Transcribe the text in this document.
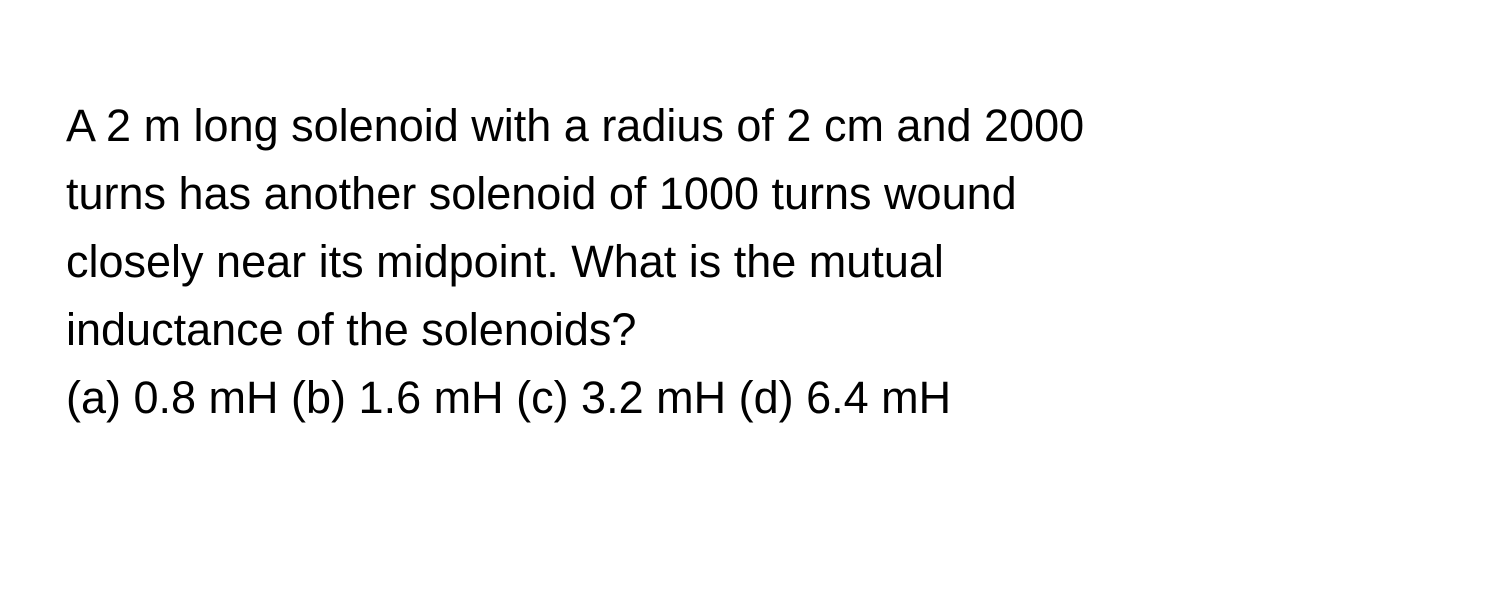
A 2 m long solenoid with a radius of 2 cm and 2000
turns has another solenoid of 1000 turns wound
closely near its midpoint. What is the mutual
inductance of the solenoids?
(a) 0.8 mH (b) 1.6 mH (c) 3.2 mH (d) 6.4 mH
